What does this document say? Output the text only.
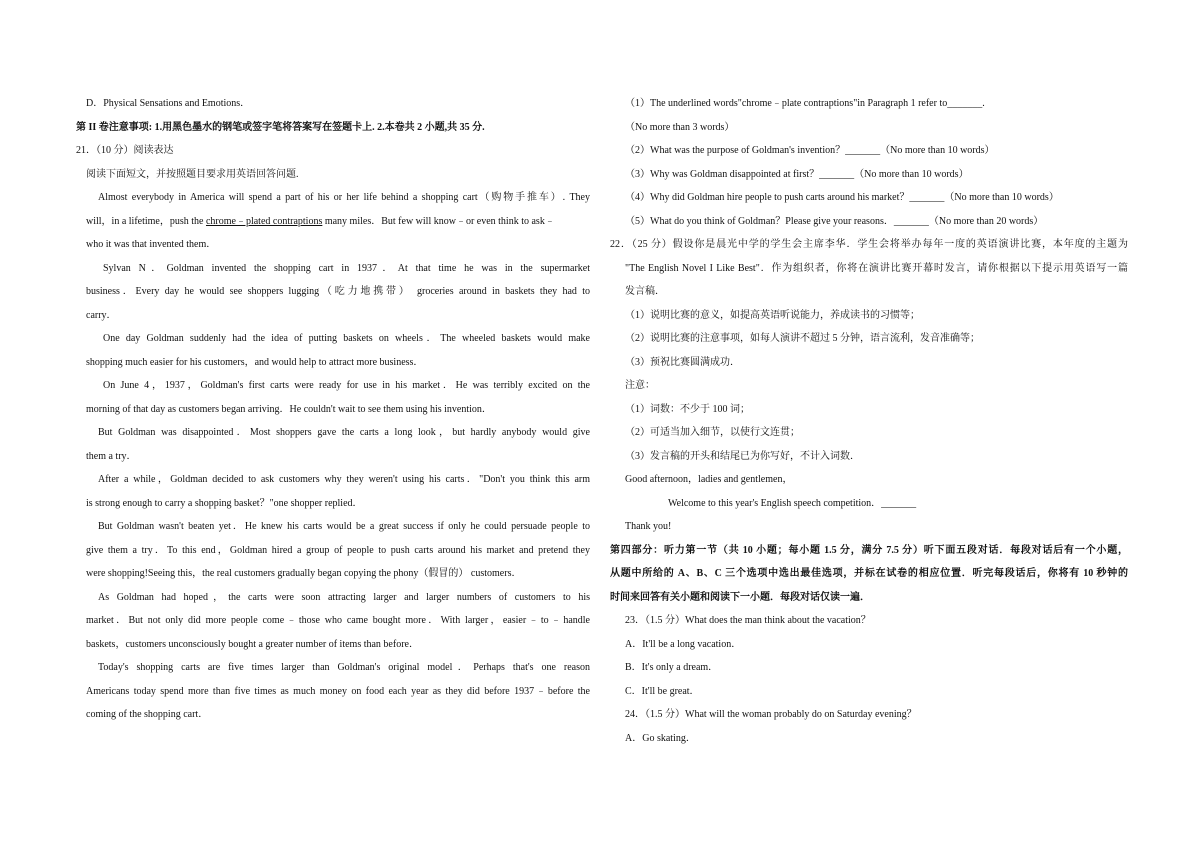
D．Physical Sensations and Emotions．
第 II 卷注意事项: 1.用黑色墨水的钢笔或签字笔将答案写在签题卡上. 2.本卷共 2 小题,共 35 分.
21．（10 分）阅读表达
阅读下面短文，并按照题目要求用英语回答问题.
Almost everybody in America will spend a part of his or her life behind a shopping cart（购物手推车）. They
will，in a lifetime，push the chrome﹣plated contraptions many miles．But few will know﹣or even think to ask﹣
who it was that invented them．
Sylvan N．Goldman invented the shopping cart in 1937．At that time he was in the supermarket
business．Every day he would see shoppers lugging（吃力地携带） groceries around in baskets they had to
carry．
One day Goldman suddenly had the idea of putting baskets on wheels．The wheeled baskets would make
shopping much easier for his customers，and would help to attract more business．
On June 4，1937，Goldman's first carts were ready for use in his market．He was terribly excited on the
morning of that day as customers began arriving．He couldn't wait to see them using his invention．
But Goldman was disappointed．Most shoppers gave the carts a long look，but hardly anybody would give
them a try．
After a while，Goldman decided to ask customers why they weren't using his carts．"Don't you think this arm
is strong enough to carry a shopping basket？"one shopper replied．
But Goldman wasn't beaten yet．He knew his carts would be a great success if only he could persuade people to
give them a try．To this end，Goldman hired a group of people to push carts around his market and pretend they
were shopping!Seeing this，the real customers gradually began copying the phony（假冒的） customers．
As Goldman had hoped，the carts were soon attracting larger and larger numbers of customers to his
market．But not only did more people come﹣those who came bought more．With larger，easier﹣to﹣handle
baskets，customers unconsciously bought a greater number of items than before．
Today's shopping carts are five times larger than Goldman's original model．Perhaps that's one reason
Americans today spend more than five times as much money on food each year as they did before 1937﹣before the
coming of the shopping cart．
（1）The underlined words"chrome﹣plate contraptions"in Paragraph 1 refer to_______.
（No more than 3 words）
（2）What was the purpose of Goldman's invention？_______（No more than 10 words）
（3）Why was Goldman disappointed at first？_______（No more than 10 words）
（4）Why did Goldman hire people to push carts around his market？_______（No more than 10 words）
（5）What do you think of Goldman？Please give your reasons．_______（No more than 20 words）
22．（25 分）假设你是晨光中学的学生会主席李华．学生会将举办每年一度的英语演讲比赛，本年度的主题为
"The English Novel I Like Best"．作为组织者，你将在演讲比赛开幕时发言，请你根据以下提示用英语写一篇
发言稿．
（1）说明比赛的意义，如提高英语听说能力，养成读书的习惯等；
（2）说明比赛的注意事项，如每人演讲不超过 5 分钟，语言流利，发音准确等；
（3）预祝比赛圆满成功．
注意：
（1）词数：不少于 100 词；
（2）可适当加入细节，以使行文连贯；
（3）发言稿的开头和结尾已为你写好，不计入词数．
Good afternoon，ladies and gentlemen，
Welcome to this year's English speech competition．_______
Thank you!
第四部分：听力第一节（共 10 小题；每小题 1.5 分，满分 7.5 分）听下面五段对话．每段对话后有一个小题，
从题中所给的 A、B、C 三个选项中选出最佳选项，并标在试卷的相应位置．听完每段话后，你将有 10 秒钟的
时间来回答有关小题和阅读下一小题．每段对话仅读一遍．
23．（1.5 分）What does the man think about the vacation？
A．It'll be a long vacation．
B．It's only a dream．
C．It'll be great．
24．（1.5 分）What will the woman probably do on Saturday evening？
A．Go skating．
